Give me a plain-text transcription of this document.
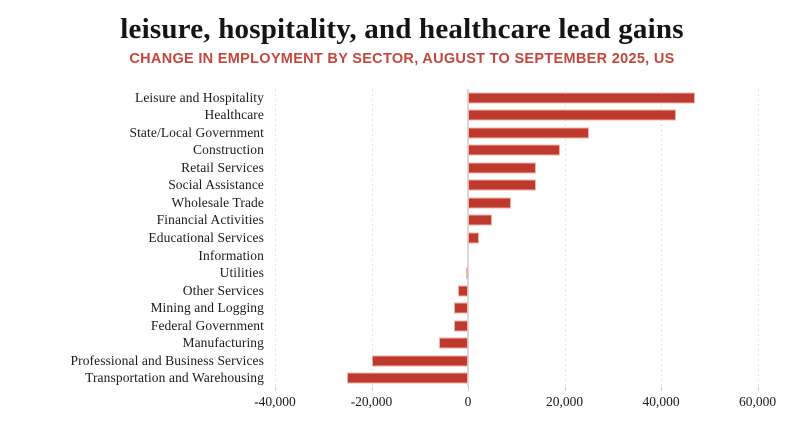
leisure, hospitality, and healthcare lead gains
CHANGE IN EMPLOYMENT BY SECTOR, AUGUST TO SEPTEMBER 2025, US
Leisure and Hospitality
Healthcare
State/Local Government
Construction
Retail Services
Social Assistance
Wholesale Trade
Financial Activities
Educational Services
Information
Utilities
Other Services
Mining and Logging
Federal Government
Manufacturing
Professional and Business Services
Transportation and Warehousing
-40,000	-20,000	0	20,000	40,000	60,000
